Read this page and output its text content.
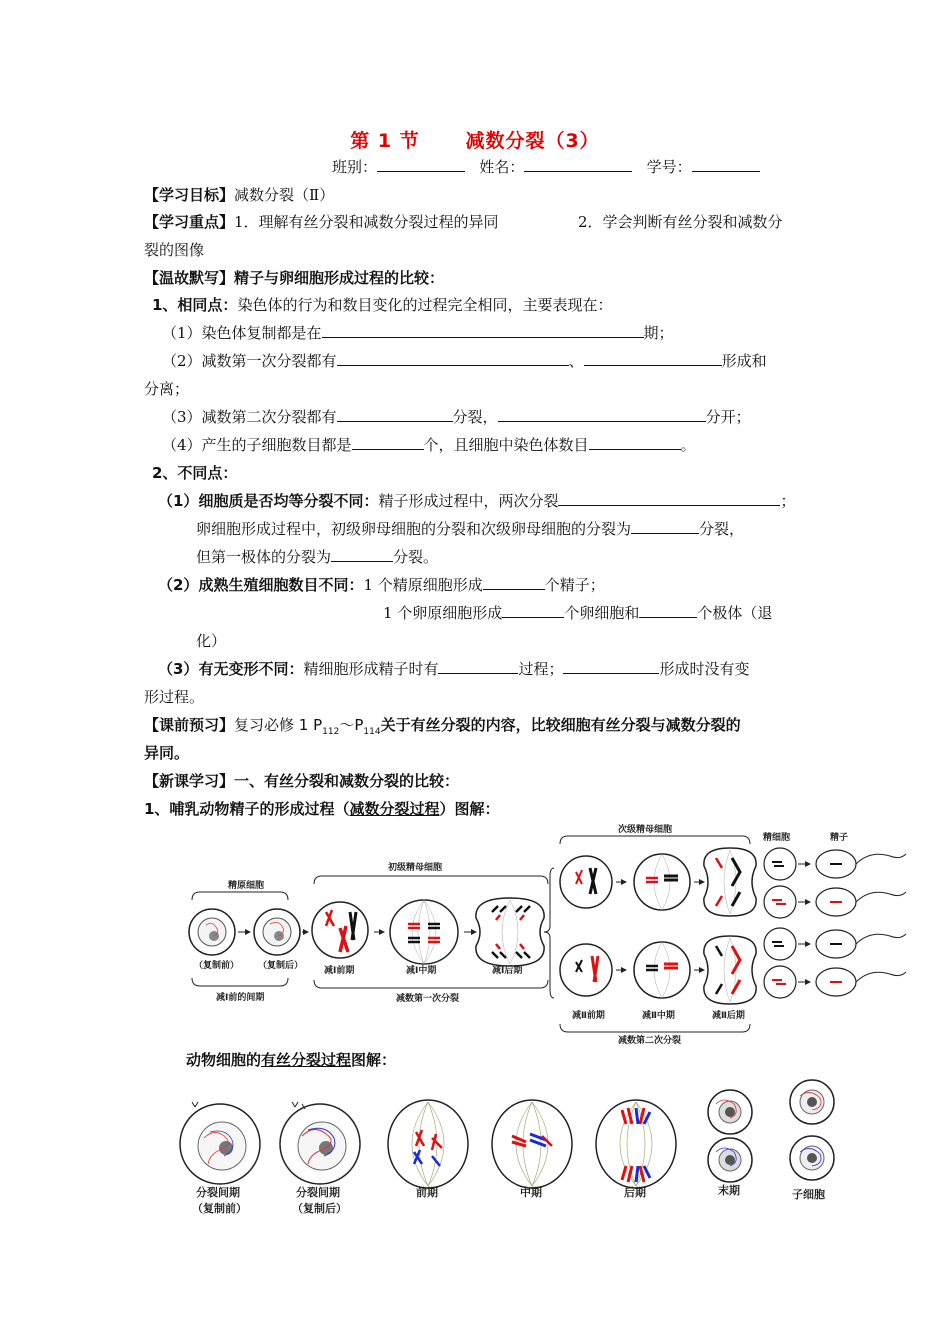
第 1 节 减数分裂（3）
班别：	姓名：	学号：
【学习目标】减数分裂（Ⅱ）
【学习重点】1．理解有丝分裂和减数分裂过程的异同	2．学会判断有丝分裂和减数分
裂的图像
【温故默写】精子与卵细胞形成过程的比较：
1、相同点：染色体的行为和数目变化的过程完全相同，主要表现在：
（1）染色体复制都是在	期；
（2）减数第一次分裂都有	、	形成和
分离；
（3）减数第二次分裂都有	分裂，	分开；
（4）产生的子细胞数目都是	个，且细胞中染色体数目	。
2、不同点：
（1）细胞质是否均等分裂不同：精子形成过程中，两次分裂	；
卵细胞形成过程中，初级卵母细胞的分裂和次级卵母细胞的分裂为	分裂，
但第一极体的分裂为	分裂。
（2）成熟生殖细胞数目不同：1 个精原细胞形成	个精子；
1 个卵原细胞形成	个卵细胞和	个极体（退
化）
（3）有无变形不同：精细胞形成精子时有	过程；	形成时没有变
形过程。
【课前预习】复习必修 1 $P_{112}\sim P_{114}$关于有丝分裂的内容，比较细胞有丝分裂与减数分裂的
异同。
【新课学习】一、有丝分裂和减数分裂的比较：
1、哺乳动物精子的形成过程（减数分裂过程）图解：
精原细胞
初级精母细胞
次级精母细胞
精细胞	精子
（复制前） （复制后）
减Ⅰ前的间期
减Ⅰ前期	减Ⅰ中期	减Ⅰ后期
减数第一次分裂
减Ⅱ前期	减Ⅱ中期	减Ⅱ后期
减数第二次分裂
动物细胞的有丝分裂过程图解：
分裂间期
（复制前）
分裂间期
（复制后）
前期	中期	后期	末期	子细胞
